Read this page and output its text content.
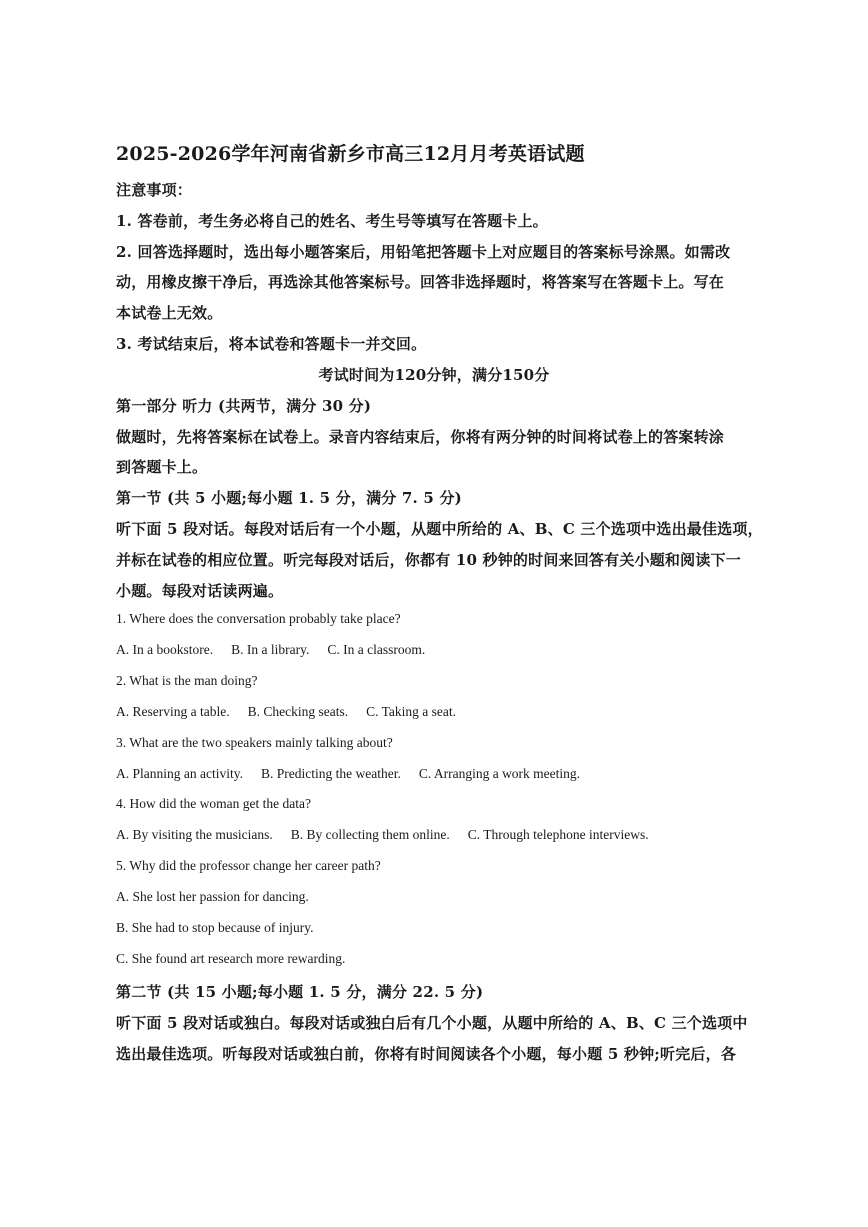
2025-2026学年河南省新乡市高三12月月考英语试题
注意事项：
1. 答卷前，考生务必将自己的姓名、考生号等填写在答题卡上。
2. 回答选择题时，选出每小题答案后，用铅笔把答题卡上对应题目的答案标号涂黑。如需改
动，用橡皮擦干净后，再选涂其他答案标号。回答非选择题时，将答案写在答题卡上。写在
本试卷上无效。
3. 考试结束后，将本试卷和答题卡一并交回。
考试时间为120分钟，满分150分
第一部分 听力 (共两节，满分 30 分)
做题时，先将答案标在试卷上。录音内容结束后，你将有两分钟的时间将试卷上的答案转涂
到答题卡上。
第一节 (共 5 小题;每小题 1. 5 分，满分 7. 5 分)
听下面 5 段对话。每段对话后有一个小题，从题中所给的 A、B、C 三个选项中选出最佳选项，
并标在试卷的相应位置。听完每段对话后，你都有 10 秒钟的时间来回答有关小题和阅读下一
小题。每段对话读两遍。
1. Where does the conversation probably take place?
A. In a bookstore. B. In a library. C. In a classroom.
2. What is the man doing?
A. Reserving a table. B. Checking seats. C. Taking a seat.
3. What are the two speakers mainly talking about?
A. Planning an activity. B. Predicting the weather. C. Arranging a work meeting.
4. How did the woman get the data?
A. By visiting the musicians. B. By collecting them online. C. Through telephone interviews.
5. Why did the professor change her career path?
A. She lost her passion for dancing.
B. She had to stop because of injury.
C. She found art research more rewarding.
第二节 (共 15 小题;每小题 1. 5 分，满分 22. 5 分)
听下面 5 段对话或独白。每段对话或独白后有几个小题，从题中所给的 A、B、C 三个选项中
选出最佳选项。听每段对话或独白前，你将有时间阅读各个小题，每小题 5 秒钟;听完后，各
